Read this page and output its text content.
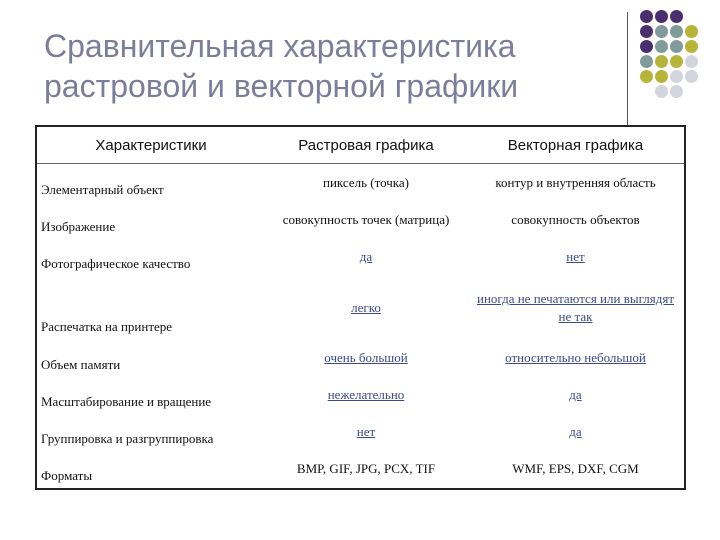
Сравнительная характеристика растровой и векторной графики
Характеристики	Растровая графика	Векторная графика
Элементарный объект	пиксель (точка)	контур и внутренняя область
Изображение	совокупность точек (матрица)	совокупность объектов
Фотографическое качество	да	нет
Распечатка на принтере	легко	иногда не печатаются или выглядят не так
Объем памяти	очень большой	относительно небольшой
Масштабирование и вращение	нежелательно	да
Группировка и разгруппировка	нет	да
Форматы	BMP, GIF, JPG, PCX, TIF	WMF, EPS, DXF, CGM
